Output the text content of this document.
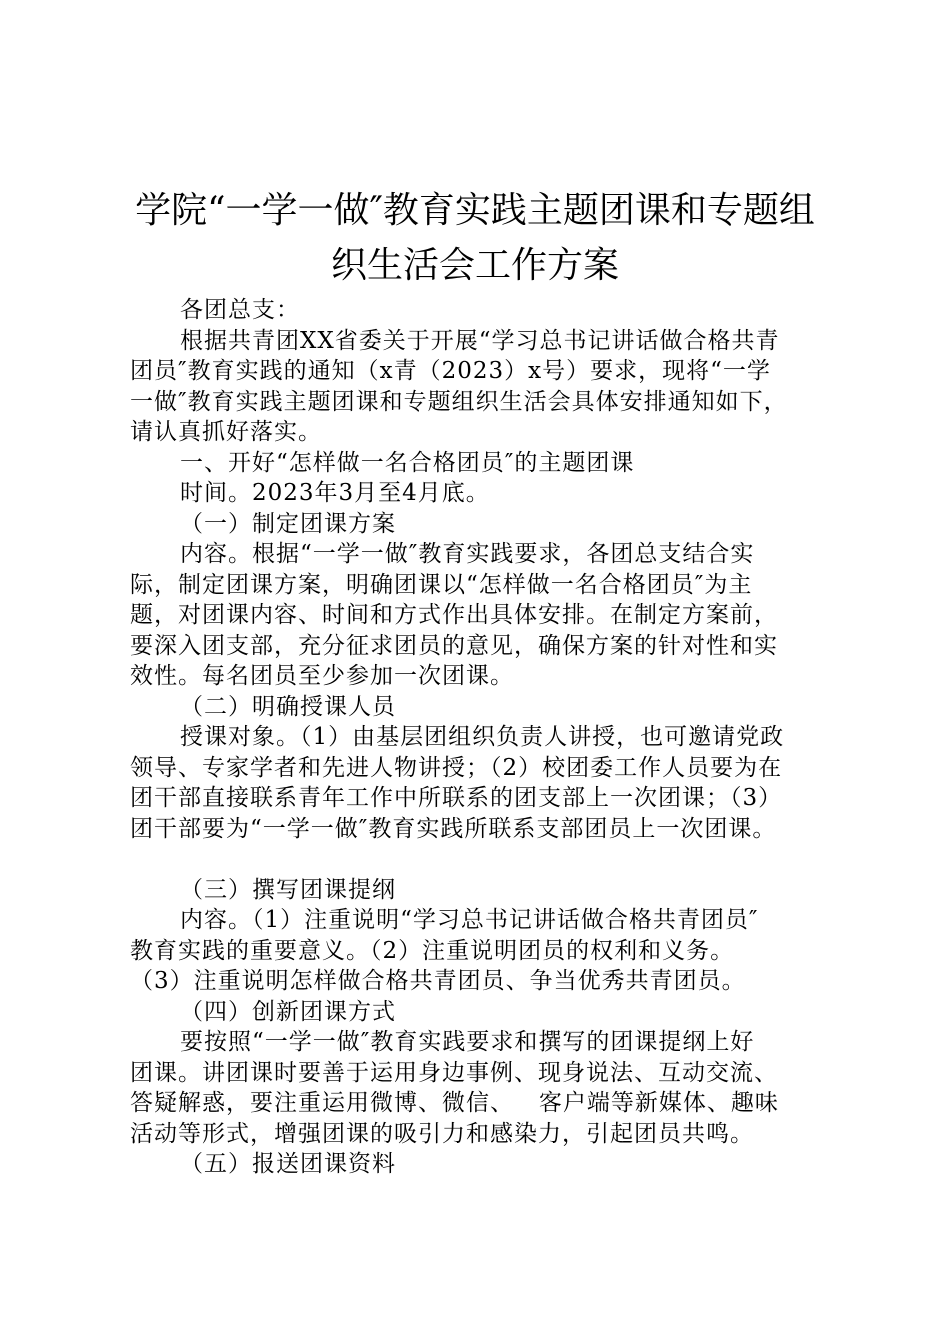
学院“一学一做″教育实践主题团课和专题组
织生活会工作方案
各团总支：
根据共青团XX省委关于开展“学习总书记讲话做合格共青
团员″教育实践的通知（x青（2023）x号）要求，现将“一学
一做″教育实践主题团课和专题组织生活会具体安排通知如下，
请认真抓好落实。
一、开好“怎样做一名合格团员″的主题团课
时间。2023年3月至4月底。
（一）制定团课方案
内容。根据“一学一做″教育实践要求，各团总支结合实
际，制定团课方案，明确团课以“怎样做一名合格团员″为主
题，对团课内容、时间和方式作出具体安排。在制定方案前，
要深入团支部，充分征求团员的意见，确保方案的针对性和实
效性。每名团员至少参加一次团课。
（二）明确授课人员
授课对象。（1）由基层团组织负责人讲授，也可邀请党政
领导、专家学者和先进人物讲授；（2）校团委工作人员要为在
团干部直接联系青年工作中所联系的团支部上一次团课；（3）
团干部要为“一学一做″教育实践所联系支部团员上一次团课。
（三）撰写团课提纲
内容。（1）注重说明“学习总书记讲话做合格共青团员″
教育实践的重要意义。（2）注重说明团员的权利和义务。
（3）注重说明怎样做合格共青团员、争当优秀共青团员。
（四）创新团课方式
要按照“一学一做″教育实践要求和撰写的团课提纲上好
团课。讲团课时要善于运用身边事例、现身说法、互动交流、
答疑解惑，要注重运用微博、微信、   客户端等新媒体、趣味
活动等形式，增强团课的吸引力和感染力，引起团员共鸣。
（五）报送团课资料
